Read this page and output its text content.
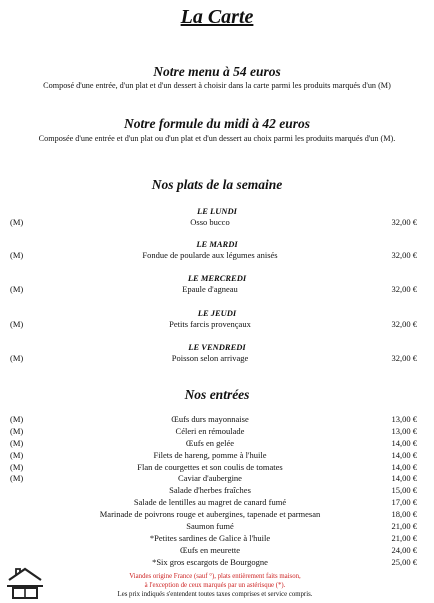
La Carte
Notre menu à 54 euros
Composé d'une entrée, d'un plat et d'un dessert à choisir dans la carte parmi les produits marqués d'un (M)
Notre formule du midi à 42 euros
Composée d'une entrée et d'un plat ou d'un plat et d'un dessert au choix parmi les produits marqués d'un (M).
Nos plats de la semaine
LE LUNDI
(M)	Osso bucco	32,00 €
LE MARDI
(M)	Fondue de poularde aux légumes anisés	32,00 €
LE MERCREDI
(M)	Epaule d'agneau	32,00 €
LE JEUDI
(M)	Petits farcis provençaux	32,00 €
LE VENDREDI
(M)	Poisson selon arrivage	32,00 €
Nos entrées
(M)	Œufs durs mayonnaise	13,00 €
(M)	Céleri en rémoulade	13,00 €
(M)	Œufs en gelée	14,00 €
(M)	Filets de hareng, pomme à l'huile	14,00 €
(M)	Flan de courgettes et son coulis de tomates	14,00 €
(M)	Caviar d'aubergine	14,00 €
Salade d'herbes fraîches	15,00 €
Salade de lentilles au magret de canard fumé	17,00 €
Marinade de poivrons rouge et aubergines, tapenade et parmesan	18,00 €
Saumon fumé	21,00 €
*Petites sardines de Galice à l'huile	21,00 €
Œufs en meurette	24,00 €
*Six gros escargots de Bourgogne	25,00 €
Viandes origine France (sauf °), plats entièrement faits maison,
à l'exception de ceux marqués par un astérisque (*).
Les prix indiqués s'entendent toutes taxes comprises et service compris.
